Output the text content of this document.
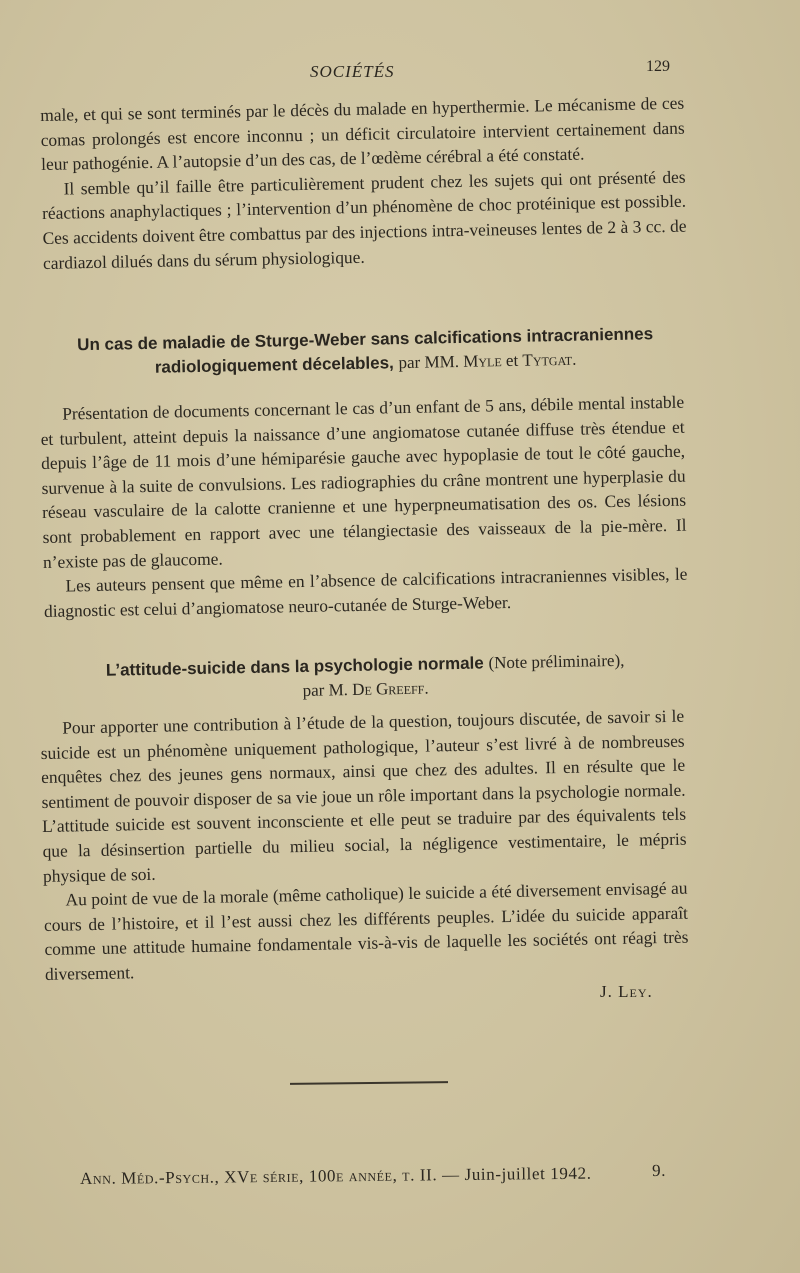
SOCIÉTÉS	129

male, et qui se sont terminés par le décès du malade en hyperthermie. Le mécanisme de ces comas prolongés est encore inconnu ; un déficit circulatoire intervient certainement dans leur pathogénie. A l’autopsie d’un des cas, de l’œdème cérébral a été constaté.

Il semble qu’il faille être particulièrement prudent chez les sujets qui ont présenté des réactions anaphylactiques ; l’intervention d’un phénomène de choc protéinique est possible. Ces accidents doivent être combattus par des injections intra-veineuses lentes de 2 à 3 cc. de cardiazol dilués dans du sérum physiologique.

Un cas de maladie de Sturge-Weber sans calcifications intracraniennes radiologiquement décelables, par MM. Myle et Tytgat.

Présentation de documents concernant le cas d’un enfant de 5 ans, débile mental instable et turbulent, atteint depuis la naissance d’une angiomatose cutanée diffuse très étendue et depuis l’âge de 11 mois d’une hémiparésie gauche avec hypoplasie de tout le côté gauche, survenue à la suite de convulsions. Les radiographies du crâne montrent une hyperplasie du réseau vasculaire de la calotte cranienne et une hyperpneumatisation des os. Ces lésions sont probablement en rapport avec une télangiectasie des vaisseaux de la pie-mère. Il n’existe pas de glaucome.

Les auteurs pensent que même en l’absence de calcifications intracraniennes visibles, le diagnostic est celui d’angiomatose neuro-cutanée de Sturge-Weber.

L’attitude-suicide dans la psychologie normale (Note préliminaire),
par M. De Greeff.

Pour apporter une contribution à l’étude de la question, toujours discutée, de savoir si le suicide est un phénomène uniquement pathologique, l’auteur s’est livré à de nombreuses enquêtes chez des jeunes gens normaux, ainsi que chez des adultes. Il en résulte que le sentiment de pouvoir disposer de sa vie joue un rôle important dans la psychologie normale. L’attitude suicide est souvent inconsciente et elle peut se traduire par des équivalents tels que la désinsertion partielle du milieu social, la négligence vestimentaire, le mépris physique de soi.

Au point de vue de la morale (même catholique) le suicide a été diversement envisagé au cours de l’histoire, et il l’est aussi chez les différents peuples. L’idée du suicide apparaît comme une attitude humaine fondamentale vis-à-vis de laquelle les sociétés ont réagi très diversement.

J. Ley.
Ann. Méd.-Psych., XVe série, 100e année, t. II. — Juin-juillet 1942.	9.
